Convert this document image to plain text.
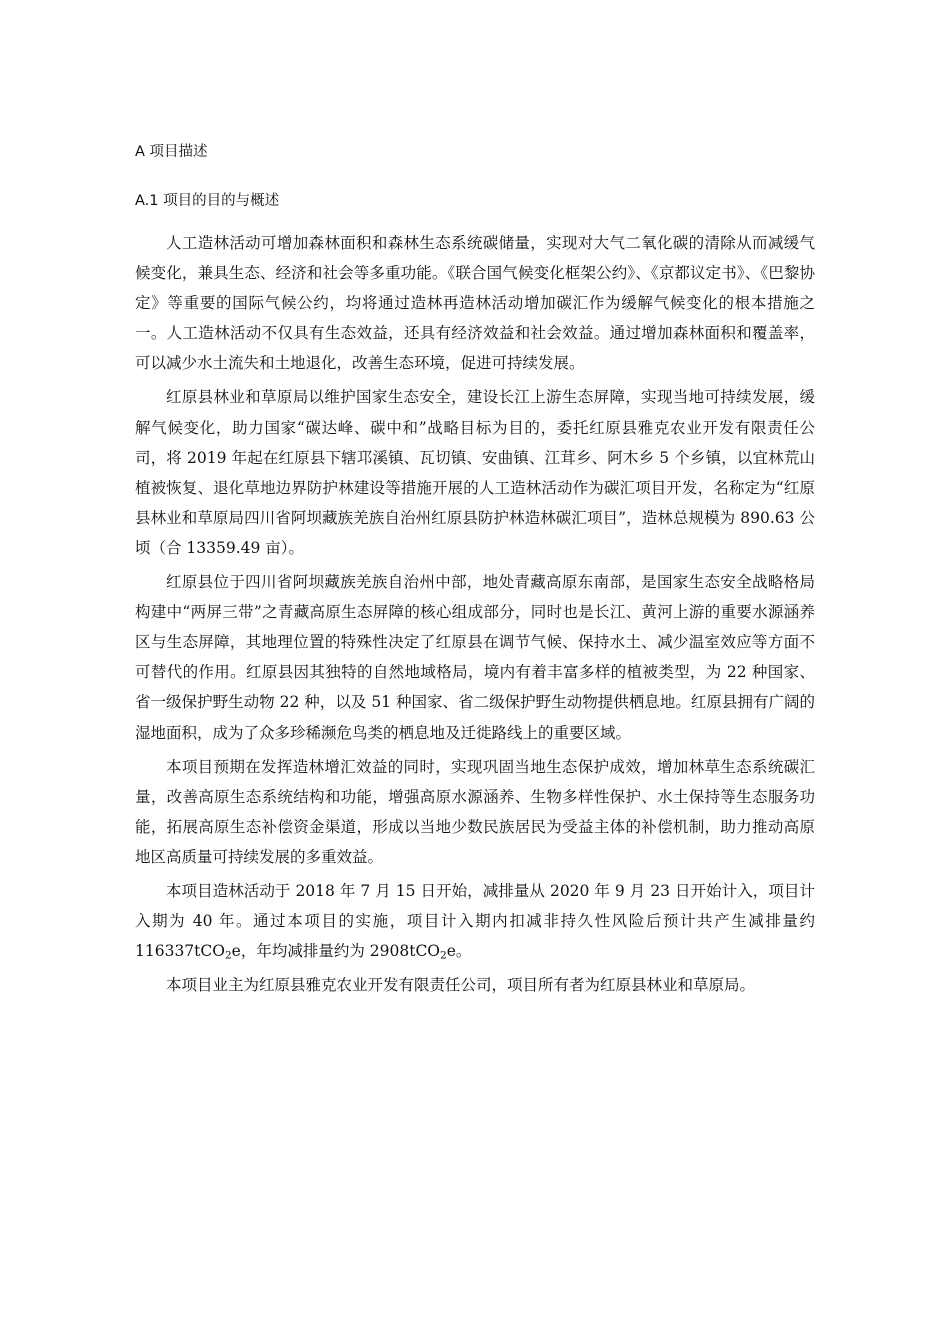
A 项目描述
A.1 项目的目的与概述

人工造林活动可增加森林面积和森林生态系统碳储量，实现对大气二氧化碳的清除从而减缓气候变化，兼具生态、经济和社会等多重功能。《联合国气候变化框架公约》、《京都议定书》、《巴黎协定》等重要的国际气候公约，均将通过造林再造林活动增加碳汇作为缓解气候变化的根本措施之一。人工造林活动不仅具有生态效益，还具有经济效益和社会效益。通过增加森林面积和覆盖率，可以减少水土流失和土地退化，改善生态环境，促进可持续发展。

红原县林业和草原局以维护国家生态安全，建设长江上游生态屏障，实现当地可持续发展，缓解气候变化，助力国家“碳达峰、碳中和”战略目标为目的，委托红原县雅克农业开发有限责任公司，将 2019 年起在红原县下辖邛溪镇、瓦切镇、安曲镇、江茸乡、阿木乡 5 个乡镇，以宜林荒山植被恢复、退化草地边界防护林建设等措施开展的人工造林活动作为碳汇项目开发，名称定为“红原县林业和草原局四川省阿坝藏族羌族自治州红原县防护林造林碳汇项目”，造林总规模为 890.63 公顷（合 13359.49 亩）。

红原县位于四川省阿坝藏族羌族自治州中部，地处青藏高原东南部，是国家生态安全战略格局构建中“两屏三带”之青藏高原生态屏障的核心组成部分，同时也是长江、黄河上游的重要水源涵养区与生态屏障，其地理位置的特殊性决定了红原县在调节气候、保持水土、减少温室效应等方面不可替代的作用。红原县因其独特的自然地域格局，境内有着丰富多样的植被类型，为 22 种国家、省一级保护野生动物 22 种，以及 51 种国家、省二级保护野生动物提供栖息地。红原县拥有广阔的湿地面积，成为了众多珍稀濒危鸟类的栖息地及迁徙路线上的重要区域。

本项目预期在发挥造林增汇效益的同时，实现巩固当地生态保护成效，增加林草生态系统碳汇量，改善高原生态系统结构和功能，增强高原水源涵养、生物多样性保护、水土保持等生态服务功能，拓展高原生态补偿资金渠道，形成以当地少数民族居民为受益主体的补偿机制，助力推动高原地区高质量可持续发展的多重效益。

本项目造林活动于 2018 年 7 月 15 日开始，减排量从 2020 年 9 月 23 日开始计入，项目计入期为 40 年。通过本项目的实施，项目计入期内扣减非持久性风险后预计共产生减排量约 116337tCO$_2$e，年均减排量约为 2908tCO$_2$e。

本项目业主为红原县雅克农业开发有限责任公司，项目所有者为红原县林业和草原局。
